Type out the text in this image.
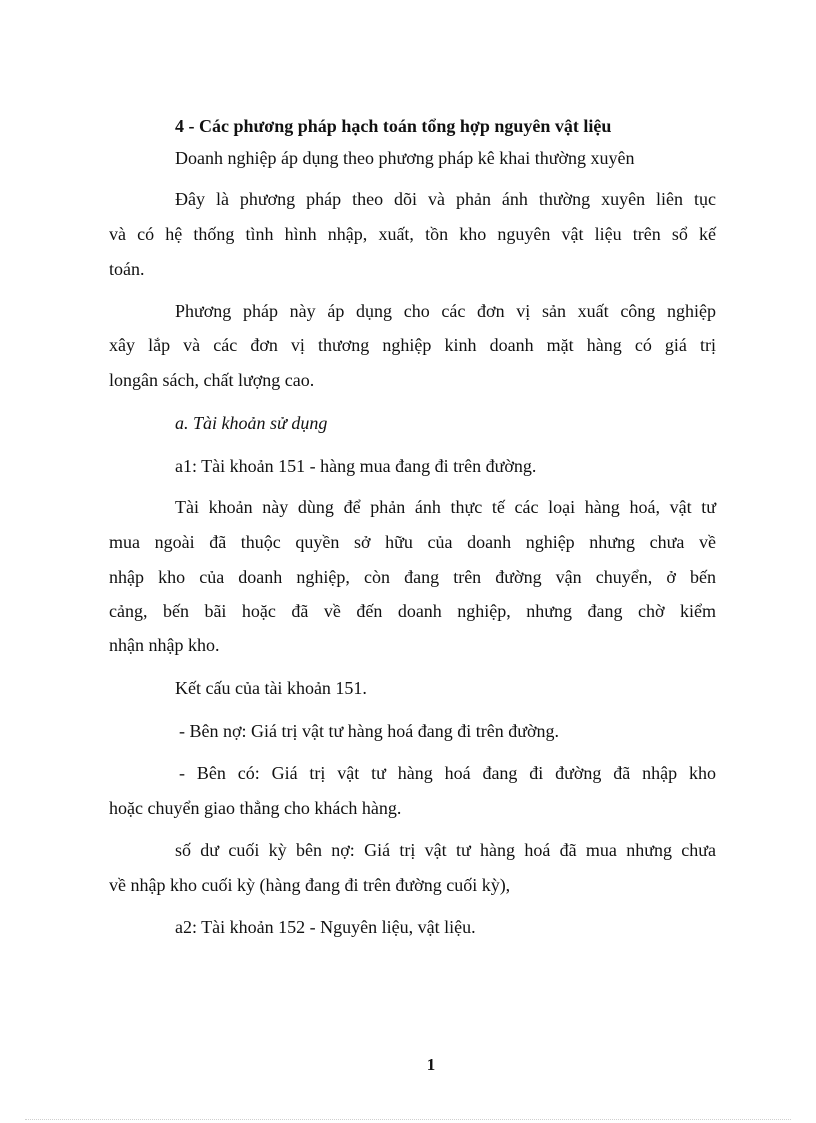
4 - Các phương pháp hạch toán tổng hợp nguyên vật liệu
Doanh nghiệp áp dụng theo phương pháp kê khai thường xuyên
Đây là phương pháp theo dõi và phản ánh thường xuyên liên tục
và có hệ thống tình hình nhập, xuất, tồn kho nguyên vật liệu trên sổ kế
toán.
Phương pháp này áp dụng cho các đơn vị sản xuất công nghiệp
xây lắp và các đơn vị thương nghiệp kinh doanh mặt hàng có giá trị
longân sách, chất lượng cao.
a. Tài khoản sử dụng
a1: Tài khoản 151 - hàng mua đang đi trên đường.
Tài khoản này dùng để phản ánh thực tế các loại hàng hoá, vật tư
mua ngoài đã thuộc quyền sở hữu của doanh nghiệp nhưng chưa về
nhập kho của doanh nghiệp, còn đang trên đường vận chuyển, ở bến
cảng, bến bãi hoặc đã về đến doanh nghiệp, nhưng đang chờ kiểm
nhận nhập kho.
Kết cấu của tài khoản 151.
- Bên nợ: Giá trị vật tư hàng hoá đang đi trên đường.
- Bên có: Giá trị vật tư hàng hoá đang đi đường đã nhập kho
hoặc chuyển giao thẳng cho khách hàng.
số dư cuối kỳ bên nợ: Giá trị vật tư hàng hoá đã mua nhưng chưa
về nhập kho cuối kỳ (hàng đang đi trên đường cuối kỳ),
a2: Tài khoản 152 - Nguyên liệu, vật liệu.
1
